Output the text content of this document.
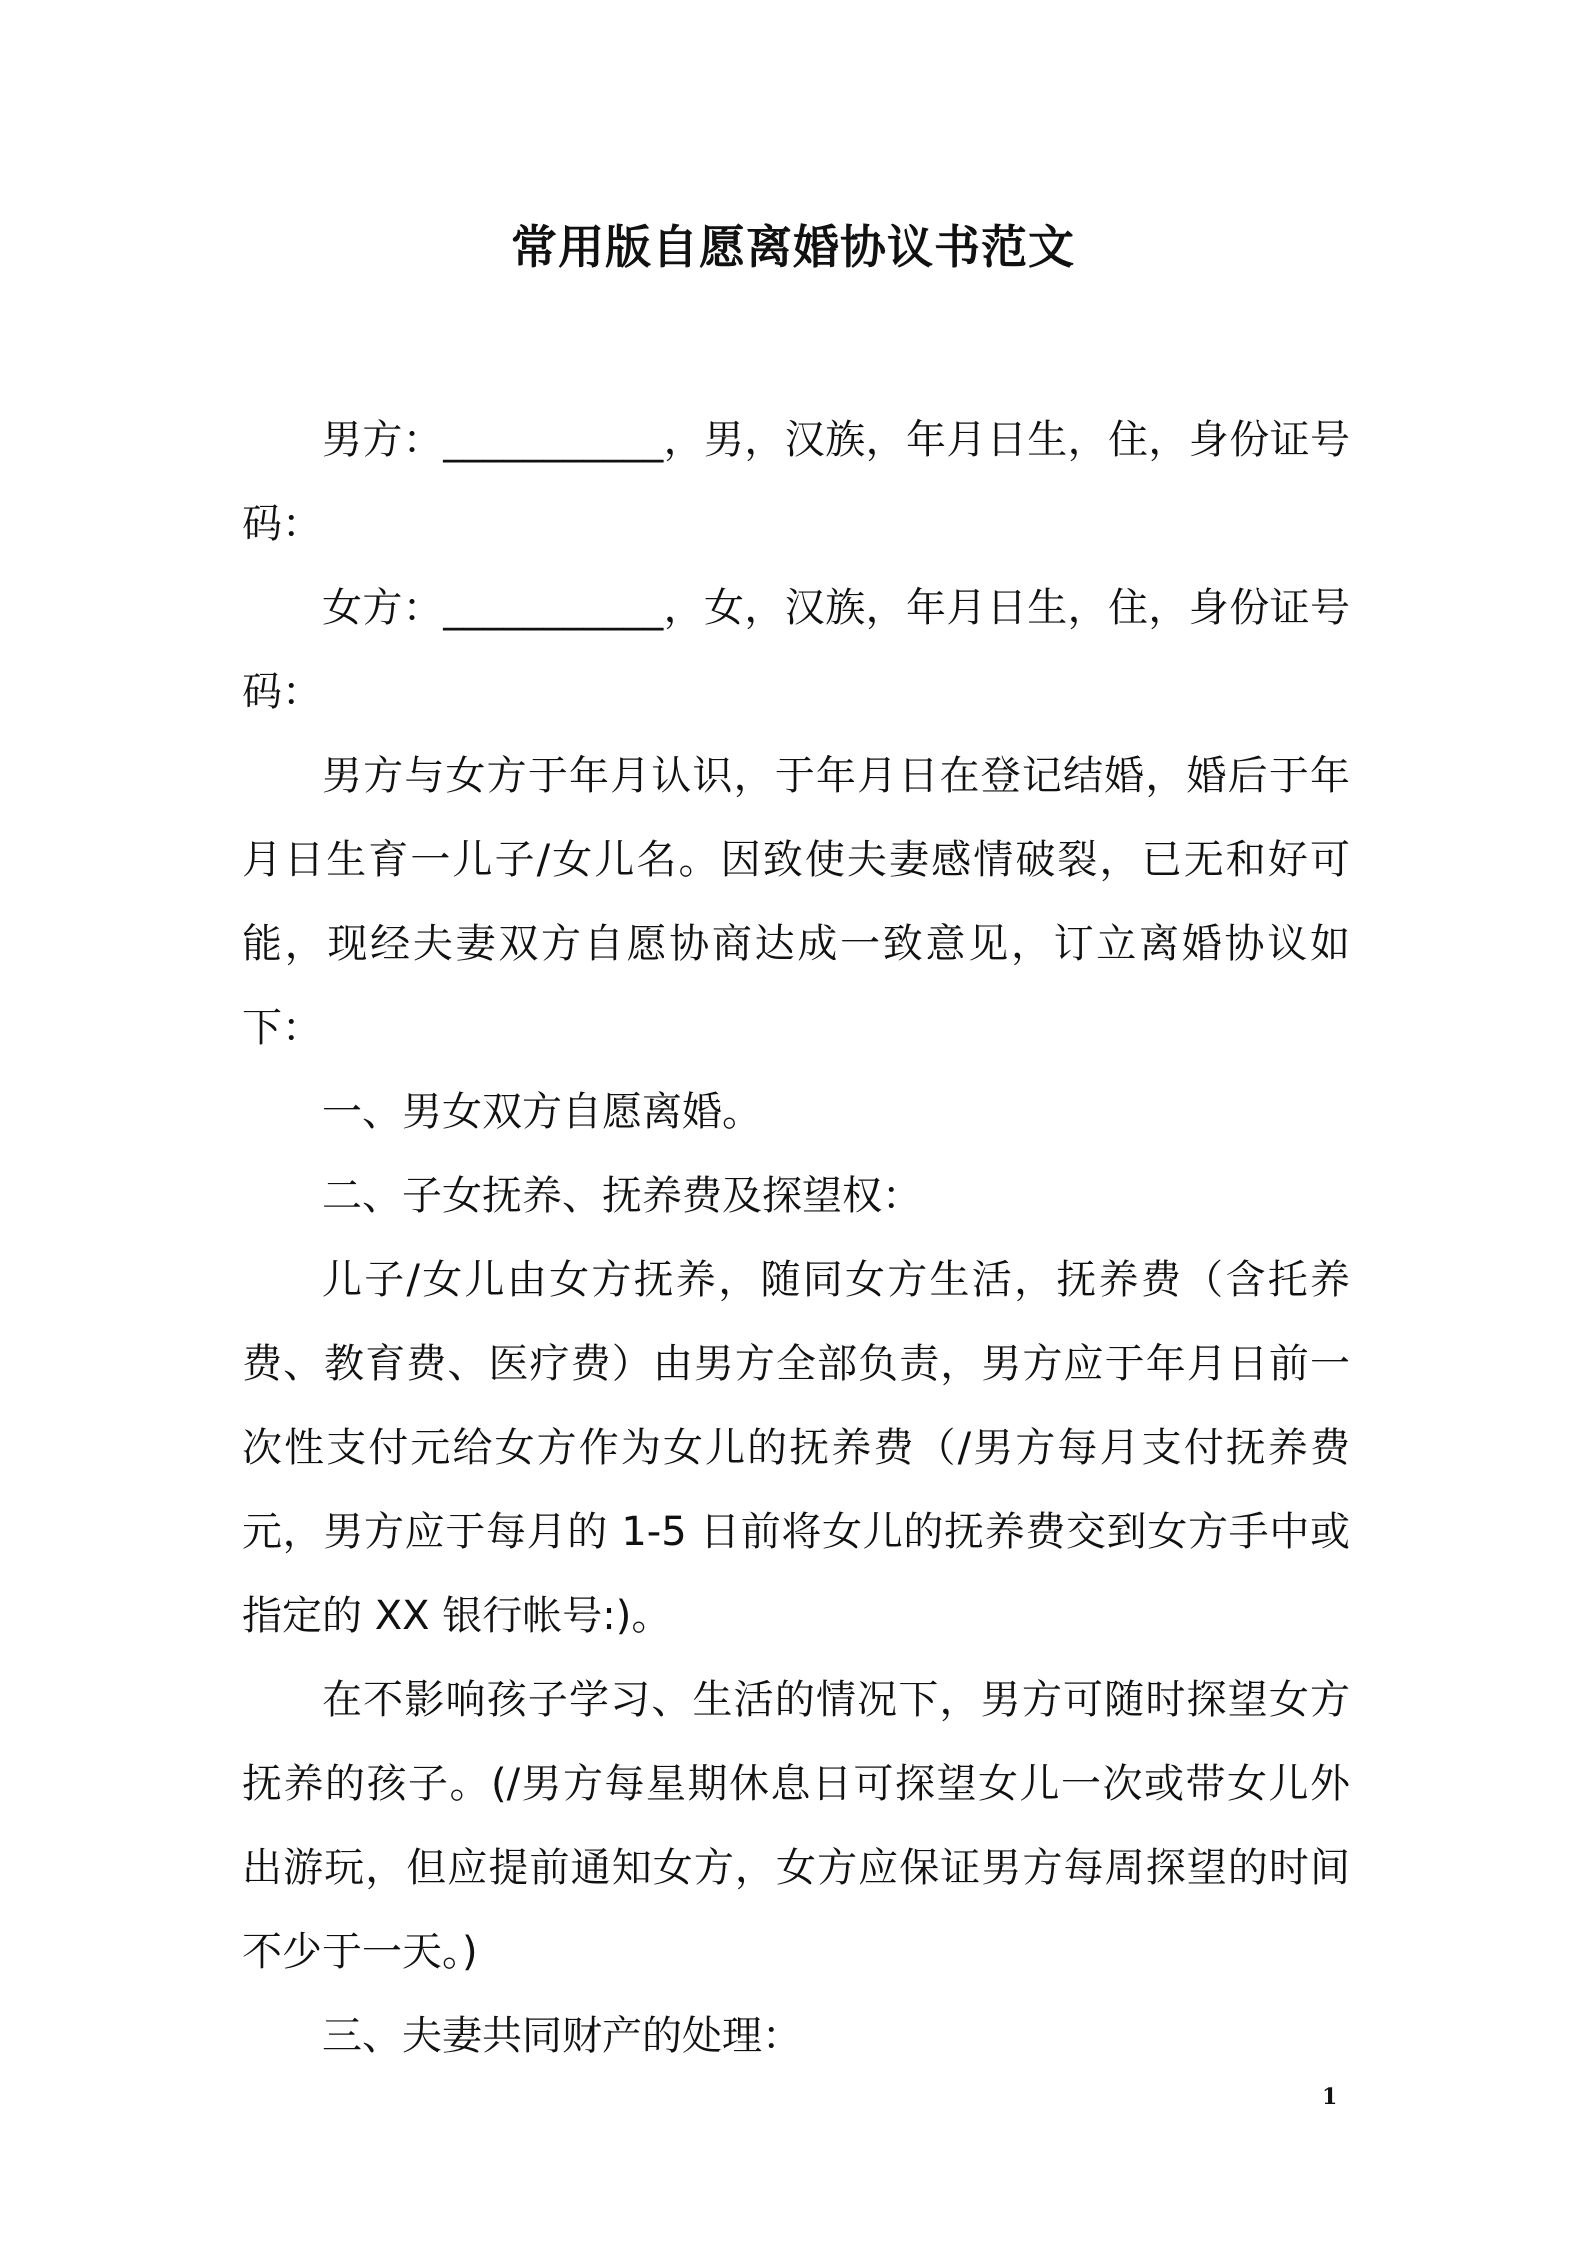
常用版自愿离婚协议书范文

男方：___________，男，汉族，年月日生，住，身份证号码：

女方：___________，女，汉族，年月日生，住，身份证号码：

男方与女方于年月认识，于年月日在登记结婚，婚后于年月日生育一儿子/女儿名。因致使夫妻感情破裂，已无和好可能，现经夫妻双方自愿协商达成一致意见，订立离婚协议如下：

一、男女双方自愿离婚。

二、子女抚养、抚养费及探望权：

儿子/女儿由女方抚养，随同女方生活，抚养费（含托养费、教育费、医疗费）由男方全部负责，男方应于年月日前一次性支付元给女方作为女儿的抚养费（/男方每月支付抚养费元，男方应于每月的 1-5 日前将女儿的抚养费交到女方手中或指定的 XX 银行帐号:)。

在不影响孩子学习、生活的情况下，男方可随时探望女方抚养的孩子。(/男方每星期休息日可探望女儿一次或带女儿外出游玩，但应提前通知女方，女方应保证男方每周探望的时间不少于一天。)

三、夫妻共同财产的处理：

1
